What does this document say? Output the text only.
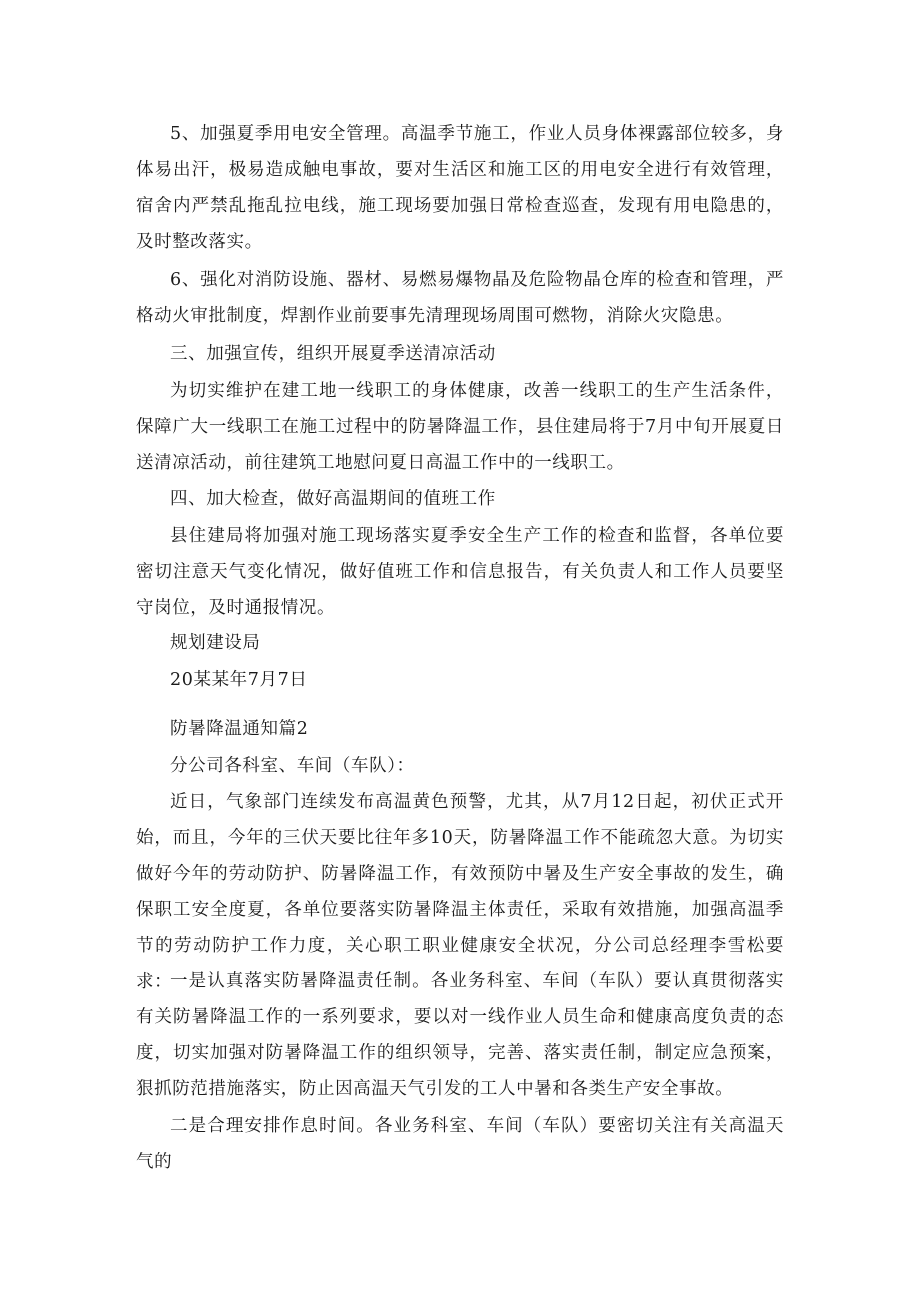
5、加强夏季用电安全管理。高温季节施工，作业人员身体裸露部位较多，身体易出汗，极易造成触电事故，要对生活区和施工区的用电安全进行有效管理，宿舍内严禁乱拖乱拉电线，施工现场要加强日常检查巡查，发现有用电隐患的，及时整改落实。

6、强化对消防设施、器材、易燃易爆物晶及危险物晶仓库的检查和管理，严格动火审批制度，焊割作业前要事先清理现场周围可燃物，消除火灾隐患。

三、加强宣传，组织开展夏季送清凉活动

为切实维护在建工地一线职工的身体健康，改善一线职工的生产生活条件，保障广大一线职工在施工过程中的防暑降温工作，县住建局将于7月中旬开展夏日送清凉活动，前往建筑工地慰问夏日高温工作中的一线职工。

四、加大检查，做好高温期间的值班工作

县住建局将加强对施工现场落实夏季安全生产工作的检查和监督，各单位要密切注意天气变化情况，做好值班工作和信息报告，有关负责人和工作人员要坚守岗位，及时通报情况。

规划建设局

20某某年7月7日

防暑降温通知篇2

分公司各科室、车间（车队）：

近日，气象部门连续发布高温黄色预警，尤其，从7月12日起，初伏正式开始，而且，今年的三伏天要比往年多10天，防暑降温工作不能疏忽大意。为切实做好今年的劳动防护、防暑降温工作，有效预防中暑及生产安全事故的发生，确保职工安全度夏，各单位要落实防暑降温主体责任，采取有效措施，加强高温季节的劳动防护工作力度，关心职工职业健康安全状况，分公司总经理李雪松要求：

一是认真落实防暑降温责任制。各业务科室、车间（车队）要认真贯彻落实有关防暑降温工作的一系列要求，要以对一线作业人员生命和健康高度负责的态度，切实加强对防暑降温工作的组织领导，完善、落实责任制，制定应急预案，狠抓防范措施落实，防止因高温天气引发的工人中暑和各类生产安全事故。

二是合理安排作息时间。各业务科室、车间（车队）要密切关注有关高温天气的
